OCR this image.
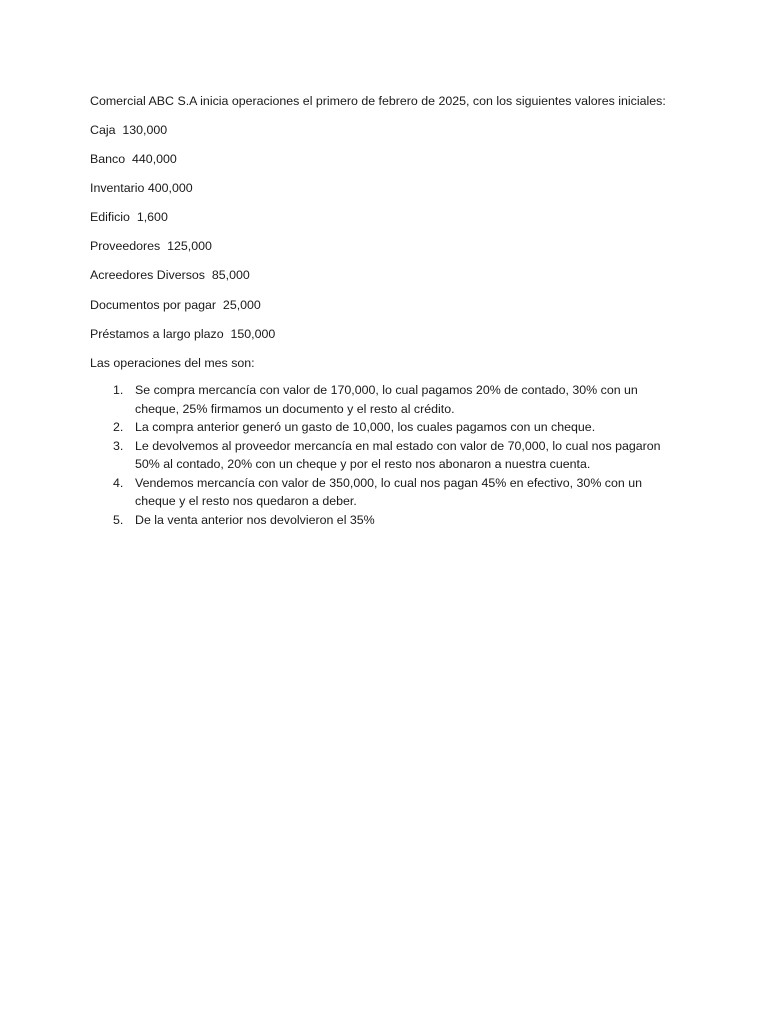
Comercial ABC S.A inicia operaciones el primero de febrero de 2025, con los siguientes valores iniciales:

Caja  130,000

Banco  440,000

Inventario 400,000

Edificio  1,600

Proveedores  125,000

Acreedores Diversos  85,000

Documentos por pagar  25,000

Préstamos a largo plazo  150,000

Las operaciones del mes son:

1. Se compra mercancía con valor de 170,000, lo cual pagamos 20% de contado, 30% con un cheque, 25% firmamos un documento y el resto al crédito.
2. La compra anterior generó un gasto de 10,000, los cuales pagamos con un cheque.
3. Le devolvemos al proveedor mercancía en mal estado con valor de 70,000, lo cual nos pagaron 50% al contado, 20% con un cheque y por el resto nos abonaron a nuestra cuenta.
4. Vendemos mercancía con valor de 350,000, lo cual nos pagan 45% en efectivo, 30% con un cheque y el resto nos quedaron a deber.
5. De la venta anterior nos devolvieron el 35%
